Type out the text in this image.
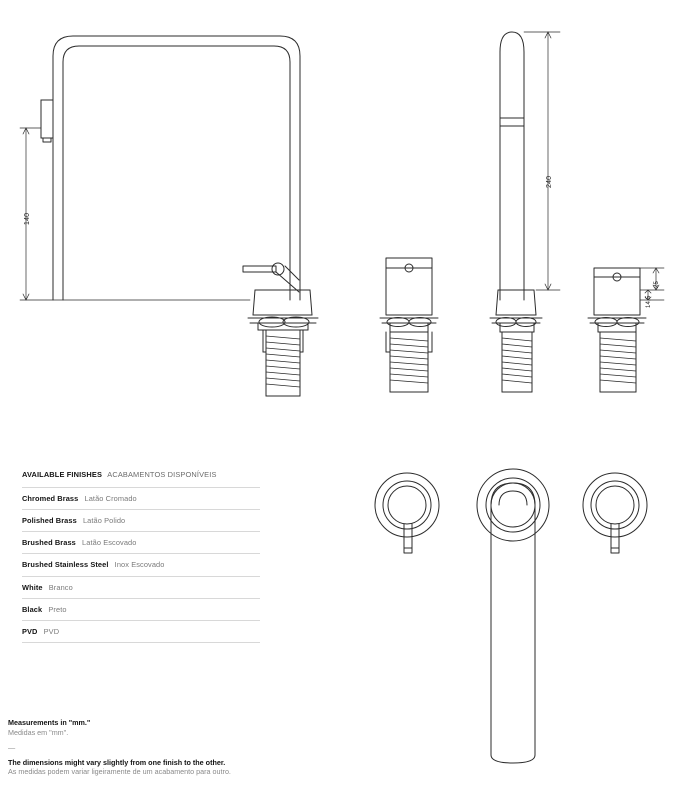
140
240
25
14,5
AVAILABLE FINISHES ACABAMENTOS DISPONÍVEIS
Chromed Brass Latão Cromado
Polished Brass Latão Polido
Brushed Brass Latão Escovado
Brushed Stainless Steel Inox Escovado
White Branco
Black Preto
PVD PVD
Measurements in "mm."
Medidas em "mm".
—
The dimensions might vary slightly from one finish to the other.
As medidas podem variar ligeiramente de um acabamento para outro.
